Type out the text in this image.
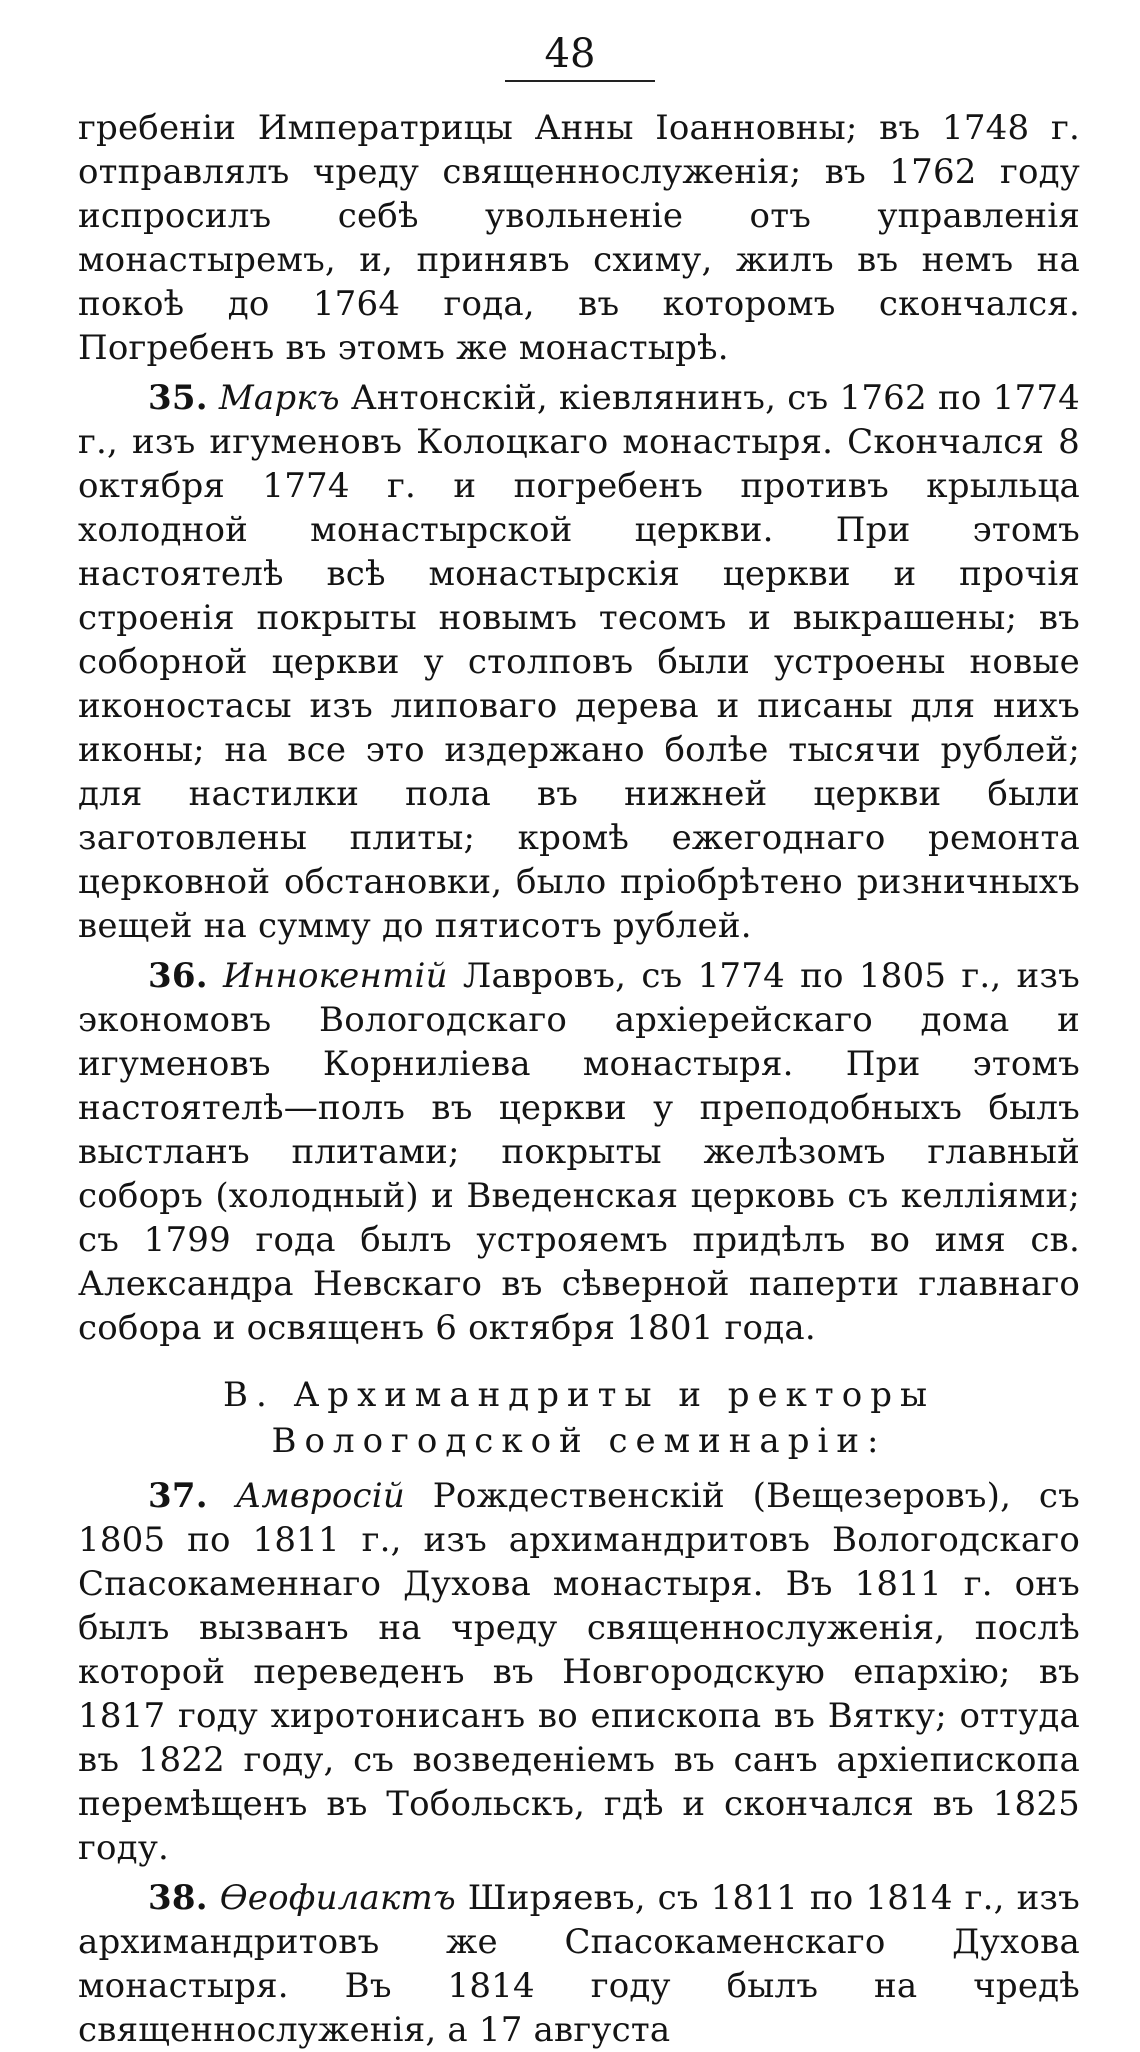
48

гребенiи Императрицы Анны Iоанновны; въ 1748 г. отправлялъ чреду священнослуженiя; въ 1762 году испросилъ себѣ увольненiе отъ управленiя монастыремъ, и, принявъ схиму, жилъ въ немъ на покоѣ до 1764 года, въ которомъ скончался. Погребенъ въ этомъ же монастырѣ.

35. Маркъ Антонскiй, кiевлянинъ, съ 1762 по 1774 г., изъ игуменовъ Колоцкаго монастыря. Скончался 8 октября 1774 г. и погребенъ противъ крыльца холодной монастырской церкви. При этомъ настоятелѣ всѣ монастырскiя церкви и прочiя строенiя покрыты новымъ тесомъ и выкрашены; въ соборной церкви у столповъ были устроены новые иконостасы изъ липоваго дерева и писаны для нихъ иконы; на все это издержано болѣе тысячи рублей; для настилки пола въ нижней церкви были заготовлены плиты; кромѣ ежегоднаго ремонта церковной обстановки, было прiобрѣтено ризничныхъ вещей на сумму до пятисотъ рублей.

36. Иннокентiй Лавровъ, съ 1774 по 1805 г., изъ экономовъ Вологодскаго архiерейскаго дома и игуменовъ Корнилiева монастыря. При этомъ настоятелѣ—полъ въ церкви у преподобныхъ былъ выстланъ плитами; покрыты желѣзомъ главный соборъ (холодный) и Введенская церковь съ келлiями; съ 1799 года былъ устрояемъ придѣлъ во имя св. Александра Невскаго въ сѣверной паперти главнаго собора и освященъ 6 октября 1801 года.

В. Архимандриты и ректоры Вологодской семинарiи:

37. Амвросiй Рождественскiй (Вещезеровъ), съ 1805 по 1811 г., изъ архимандритовъ Вологодскаго Спасокаменнаго Духова монастыря. Въ 1811 г. онъ былъ вызванъ на чреду священнослуженiя, послѣ которой переведенъ въ Новгородскую епархiю; въ 1817 году хиротонисанъ во епископа въ Вятку; оттуда въ 1822 году, съ возведенiемъ въ санъ архiепископа перемѣщенъ въ Тобольскъ, гдѣ и скончался въ 1825 году.

38. Ѳеофилактъ Ширяевъ, съ 1811 по 1814 г., изъ архимандритовъ же Спасокаменскаго Духова монастыря. Въ 1814 году былъ на чредѣ священнослуженiя, а 17 августа
